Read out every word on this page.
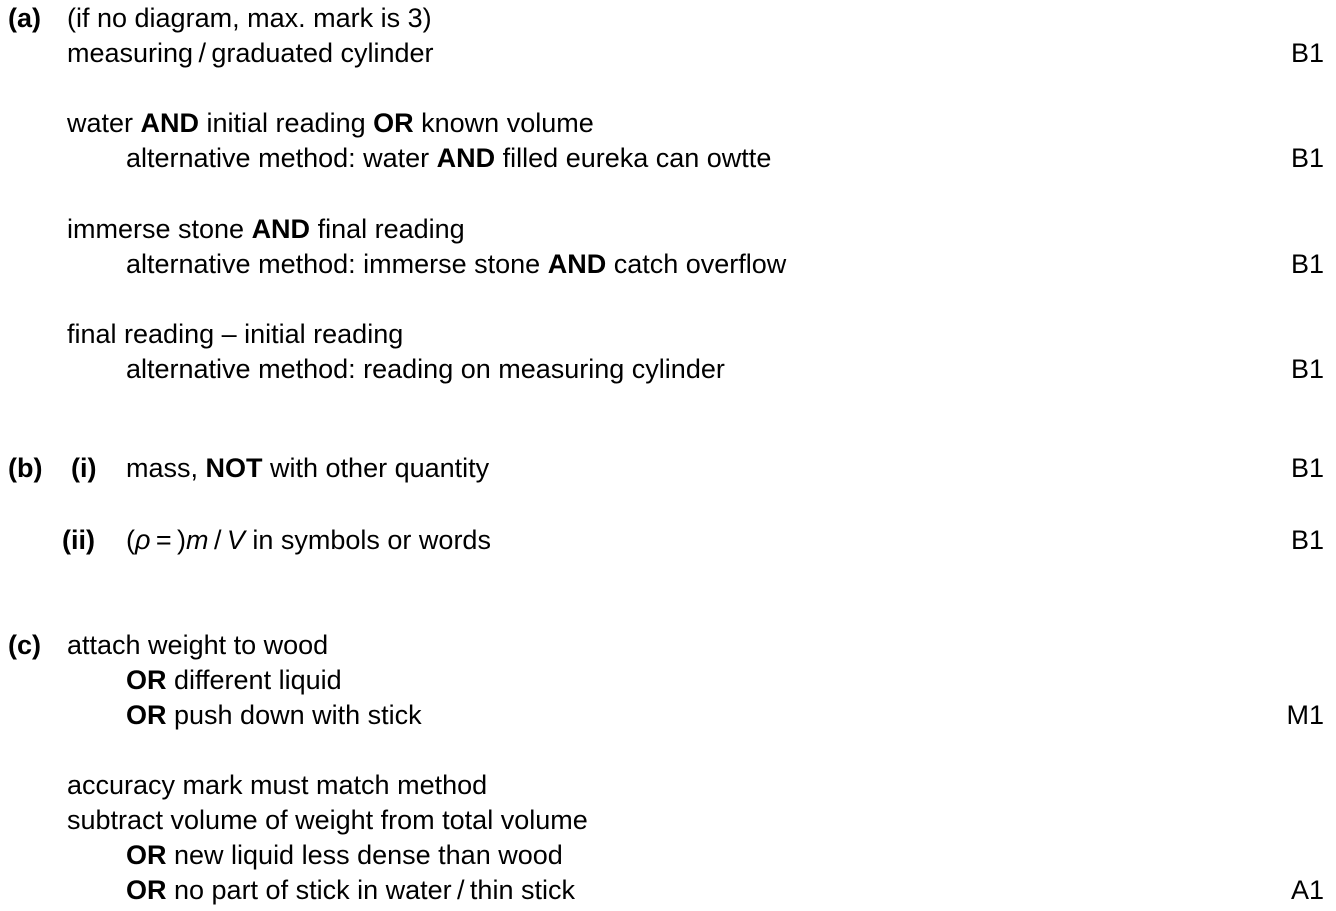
(a) (if no diagram, max. mark is 3)
measuring / graduated cylinder	B1
water AND initial reading OR known volume
alternative method: water AND filled eureka can owtte	B1
immerse stone AND final reading
alternative method: immerse stone AND catch overflow	B1
final reading – initial reading
alternative method: reading on measuring cylinder	B1
(b) (i) mass, NOT with other quantity	B1
(ii) (ρ = )m / V in symbols or words	B1
(c) attach weight to wood
OR different liquid
OR push down with stick	M1
accuracy mark must match method
subtract volume of weight from total volume
OR new liquid less dense than wood
OR no part of stick in water / thin stick	A1
